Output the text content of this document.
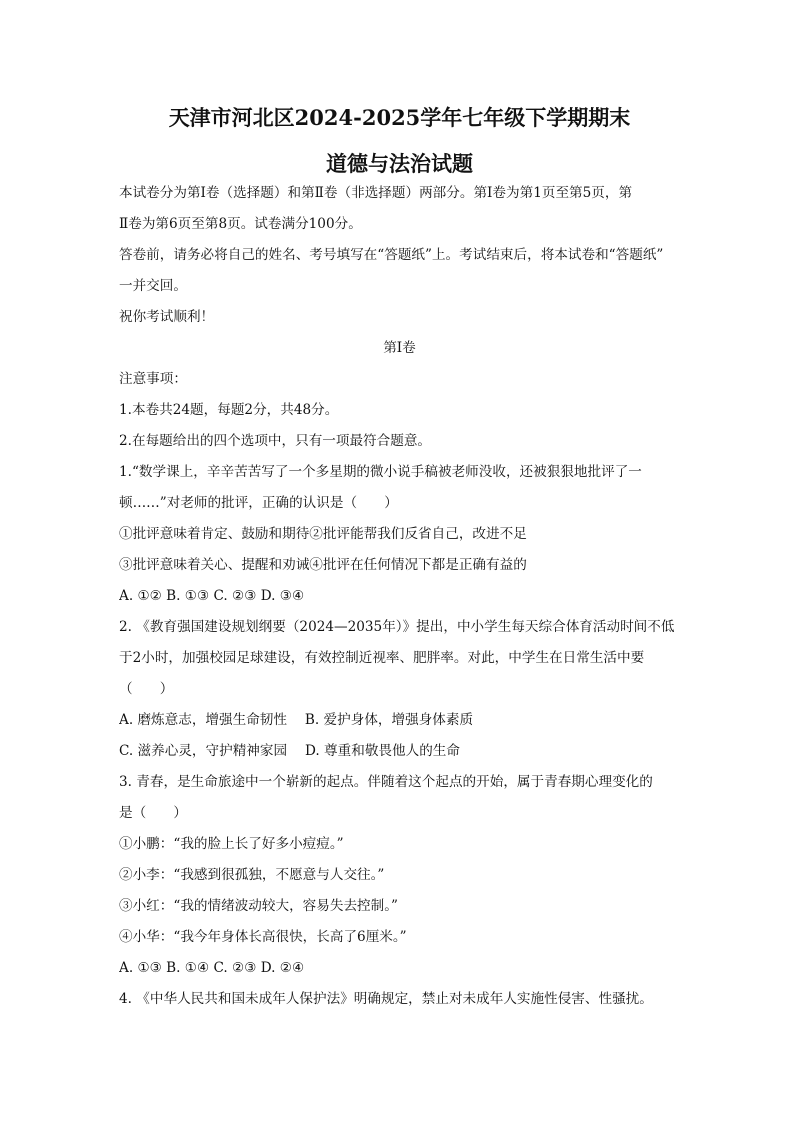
天津市河北区2024-2025学年七年级下学期期末
道德与法治试题
本试卷分为第Ⅰ卷（选择题）和第Ⅱ卷（非选择题）两部分。第Ⅰ卷为第1页至第5页，第
Ⅱ卷为第6页至第8页。试卷满分100分。
答卷前，请务必将自己的姓名、考号填写在“答题纸”上。考试结束后，将本试卷和“答题纸”
一并交回。
祝你考试顺利！
第Ⅰ卷
注意事项：
1.本卷共24题，每题2分，共48分。
2.在每题给出的四个选项中，只有一项最符合题意。
1.“数学课上，辛辛苦苦写了一个多星期的微小说手稿被老师没收，还被狠狠地批评了一
顿……”对老师的批评，正确的认识是（　　）
①批评意味着肯定、鼓励和期待②批评能帮我们反省自己，改进不足
③批评意味着关心、提醒和劝诫④批评在任何情况下都是正确有益的
A. ①② B. ①③ C. ②③ D. ③④
2. 《教育强国建设规划纲要（2024—2035年）》提出，中小学生每天综合体育活动时间不低
于2小时，加强校园足球建设，有效控制近视率、肥胖率。对此，中学生在日常生活中要
（　　）
A. 磨炼意志，增强生命韧性　 B. 爱护身体，增强身体素质
C. 滋养心灵，守护精神家园　 D. 尊重和敬畏他人的生命
3. 青春，是生命旅途中一个崭新的起点。伴随着这个起点的开始，属于青春期心理变化的
是（　　）
①小鹏：“我的脸上长了好多小痘痘。”
②小李：“我感到很孤独，不愿意与人交往。”
③小红：“我的情绪波动较大，容易失去控制。”
④小华：“我今年身体长高很快，长高了6厘米。”
A. ①③ B. ①④ C. ②③ D. ②④
4. 《中华人民共和国未成年人保护法》明确规定，禁止对未成年人实施性侵害、性骚扰。
